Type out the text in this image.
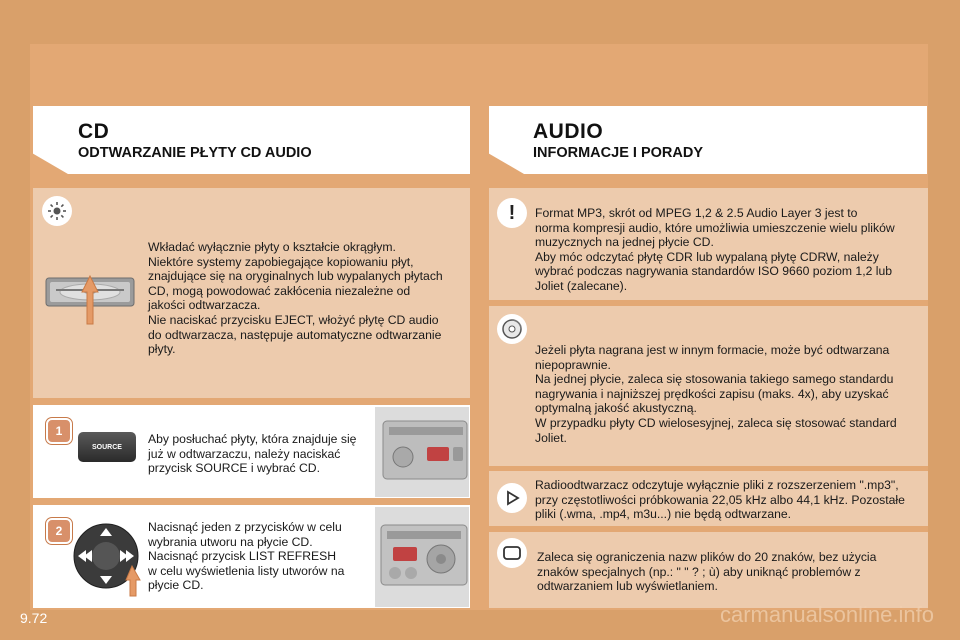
CD
ODTWARZANIE PŁYTY CD AUDIO
AUDIO
INFORMACJE I PORADY
Wkładać wyłącznie płyty o kształcie okrągłym.
Niektóre systemy zapobiegające kopiowaniu płyt,
znajdujące się na oryginalnych lub wypalanych płytach
CD, mogą powodować zakłócenia niezależne od
jakości odtwarzacza.
Nie naciskać przycisku EJECT, włożyć płytę CD audio
do odtwarzacza, następuje automatyczne odtwarzanie
płyty.
1
SOURCE
Aby posłuchać płyty, która znajduje się
już w odtwarzaczu, należy naciskać
przycisk SOURCE i wybrać CD.
2	Nacisnąć jeden z przycisków w celu
wybrania utworu na płycie CD.
Nacisnąć przycisk LIST REFRESH
w celu wyświetlenia listy utworów na
płycie CD.
! Format MP3, skrót od MPEG 1,2 & 2.5 Audio Layer 3 jest to
norma kompresji audio, które umożliwia umieszczenie wielu plików
muzycznych na jednej płycie CD.
Aby móc odczytać płytę CDR lub wypalaną płytę CDRW, należy
wybrać podczas nagrywania standardów ISO 9660 poziom 1,2 lub
Joliet (zalecane).
Jeżeli płyta nagrana jest w innym formacie, może być odtwarzana
niepoprawnie.
Na jednej płycie, zaleca się stosowania takiego samego standardu
nagrywania i najniższej prędkości zapisu (maks. 4x), aby uzyskać
optymalną jakość akustyczną.
W przypadku płyty CD wielosesyjnej, zaleca się stosować standard
Joliet.
Radioodtwarzacz odczytuje wyłącznie pliki z rozszerzeniem ".mp3",
przy częstotliwości próbkowania 22,05 kHz albo 44,1 kHz. Pozostałe
pliki (.wma, .mp4, m3u...) nie będą odtwarzane.
Zaleca się ograniczenia nazw plików do 20 znaków, bez użycia
znaków specjalnych (np.: " " ? ; ù) aby uniknąć problemów z
odtwarzaniem lub wyświetlaniem.
9.72	carmanualsonline.info
